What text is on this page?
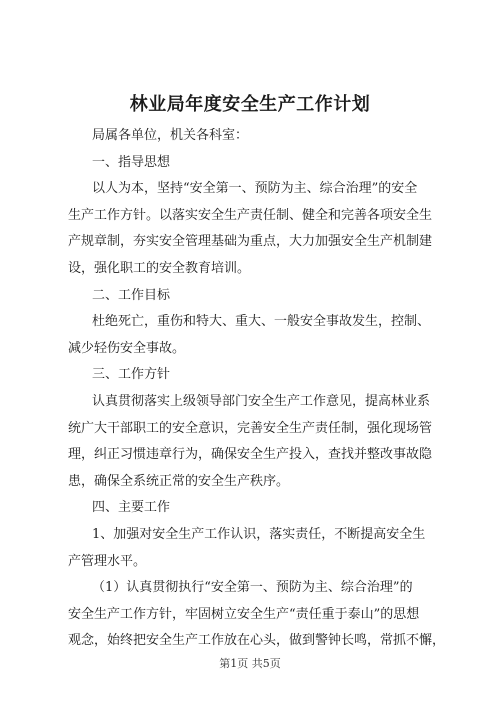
林业局年度安全生产工作计划
局属各单位，机关各科室：
一、指导思想
以人为本，坚持“安全第一、预防为主、综合治理”的安全
生产工作方针。以落实安全生产责任制、健全和完善各项安全生
产规章制，夯实安全管理基础为重点，大力加强安全生产机制建
设，强化职工的安全教育培训。
二、工作目标
杜绝死亡，重伤和特大、重大、一般安全事故发生，控制、
减少轻伤安全事故。
三、工作方针
认真贯彻落实上级领导部门安全生产工作意见，提高林业系
统广大干部职工的安全意识，完善安全生产责任制，强化现场管
理，纠正习惯违章行为，确保安全生产投入，查找并整改事故隐
患，确保全系统正常的安全生产秩序。
四、主要工作
1、加强对安全生产工作认识，落实责任，不断提高安全生
产管理水平。
（1）认真贯彻执行“安全第一、预防为主、综合治理”的
安全生产工作方针，牢固树立安全生产“责任重于泰山”的思想
观念，始终把安全生产工作放在心头，做到警钟长鸣，常抓不懈，
第1页 共5页
